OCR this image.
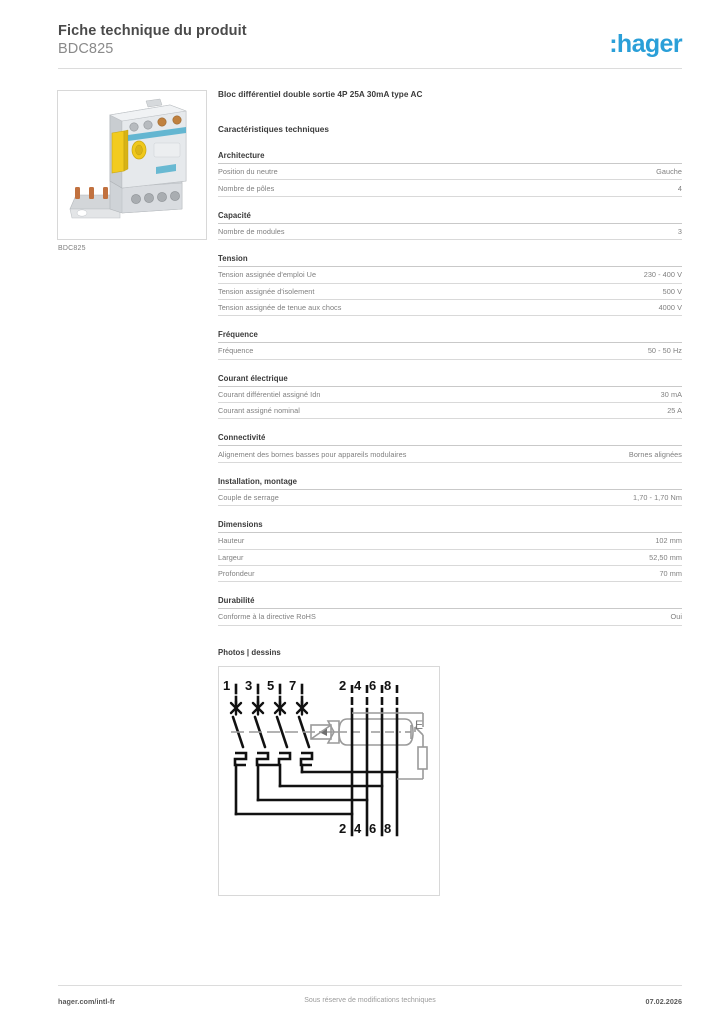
Fiche technique du produit
BDC825	:hager
BDC825
Bloc différentiel double sortie 4P 25A 30mA type AC
Caractéristiques techniques
Architecture
Position du neutre	Gauche
Nombre de pôles	4
Capacité
Nombre de modules	3
Tension
Tension assignée d'emploi Ue	230 - 400 V
Tension assignée d'isolement	500 V
Tension assignée de tenue aux chocs	4000 V
Fréquence
Fréquence	50 - 50 Hz
Courant électrique
Courant différentiel assigné Idn	30 mA
Courant assigné nominal	25 A
Connectivité
Alignement des bornes basses pour appareils modulaires	Bornes alignées
Installation, montage
Couple de serrage	1,70 - 1,70 Nm
Dimensions
Hauteur	102 mm
Largeur	52,50 mm
Profondeur	70 mm
Durabilité
Conforme à la directive RoHS	Oui
Photos | dessins
1 3 5 7	2 4 6 8
2 4 6 8
E
hager.com/intl-fr	Sous réserve de modifications techniques	07.02.2026
